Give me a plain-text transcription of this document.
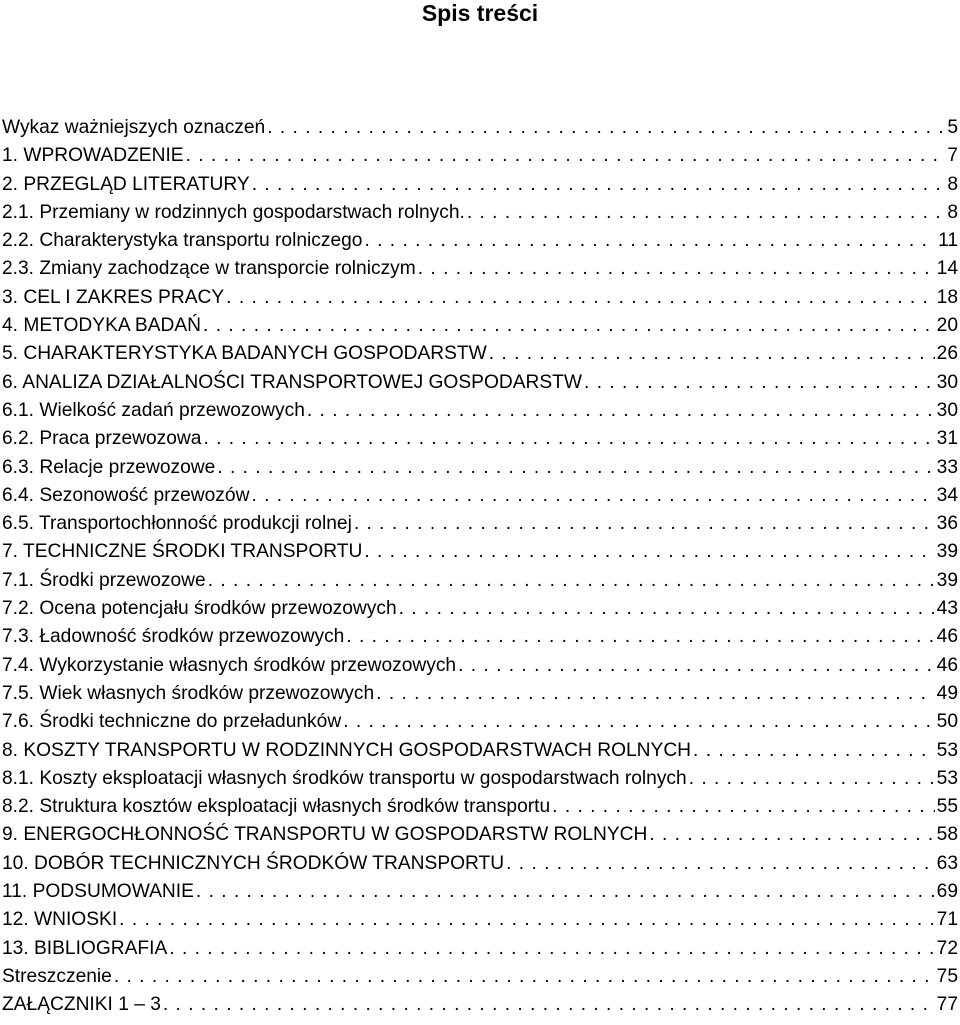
Spis treści
Wykaz ważniejszych oznaczeń . . .	5
1. WPROWADZENIE . . .	7
2. PRZEGLĄD LITERATURY . . .	8
2.1. Przemiany w rodzinnych gospodarstwach rolnych. . . .	8
2.2. Charakterystyka transportu rolniczego . . .	11
2.3. Zmiany zachodzące w transporcie rolniczym . . .	14
3. CEL I ZAKRES PRACY . . .	18
4. METODYKA BADAŃ . . .	20
5. CHARAKTERYSTYKA BADANYCH GOSPODARSTW . . .	26
6. ANALIZA DZIAŁALNOŚCI TRANSPORTOWEJ GOSPODARSTW . . .	30
6.1. Wielkość zadań przewozowych . . .	30
6.2. Praca przewozowa . . .	31
6.3. Relacje przewozowe . . .	33
6.4. Sezonowość przewozów . . .	34
6.5. Transportochłonność produkcji rolnej . . .	36
7. TECHNICZNE ŚRODKI TRANSPORTU . . .	39
7.1. Środki przewozowe . . .	39
7.2. Ocena potencjału środków przewozowych . . .	43
7.3. Ładowność środków przewozowych . . .	46
7.4. Wykorzystanie własnych środków przewozowych . . .	46
7.5. Wiek własnych środków przewozowych . . .	49
7.6. Środki techniczne do przeładunków . . .	50
8. KOSZTY TRANSPORTU W RODZINNYCH GOSPODARSTWACH ROLNYCH . . .	53
8.1. Koszty eksploatacji własnych środków transportu w gospodarstwach rolnych . . .	53
8.2. Struktura kosztów eksploatacji własnych środków transportu . . .	55
9. ENERGOCHŁONNOŚĆ TRANSPORTU W GOSPODARSTW ROLNYCH . . .	58
10. DOBÓR TECHNICZNYCH ŚRODKÓW TRANSPORTU . . .	63
11. PODSUMOWANIE . . .	69
12. WNIOSKI . . .	71
13. BIBLIOGRAFIA . . .	72
Streszczenie . . .	75
ZAŁĄCZNIKI 1 – 3 . . .	77
